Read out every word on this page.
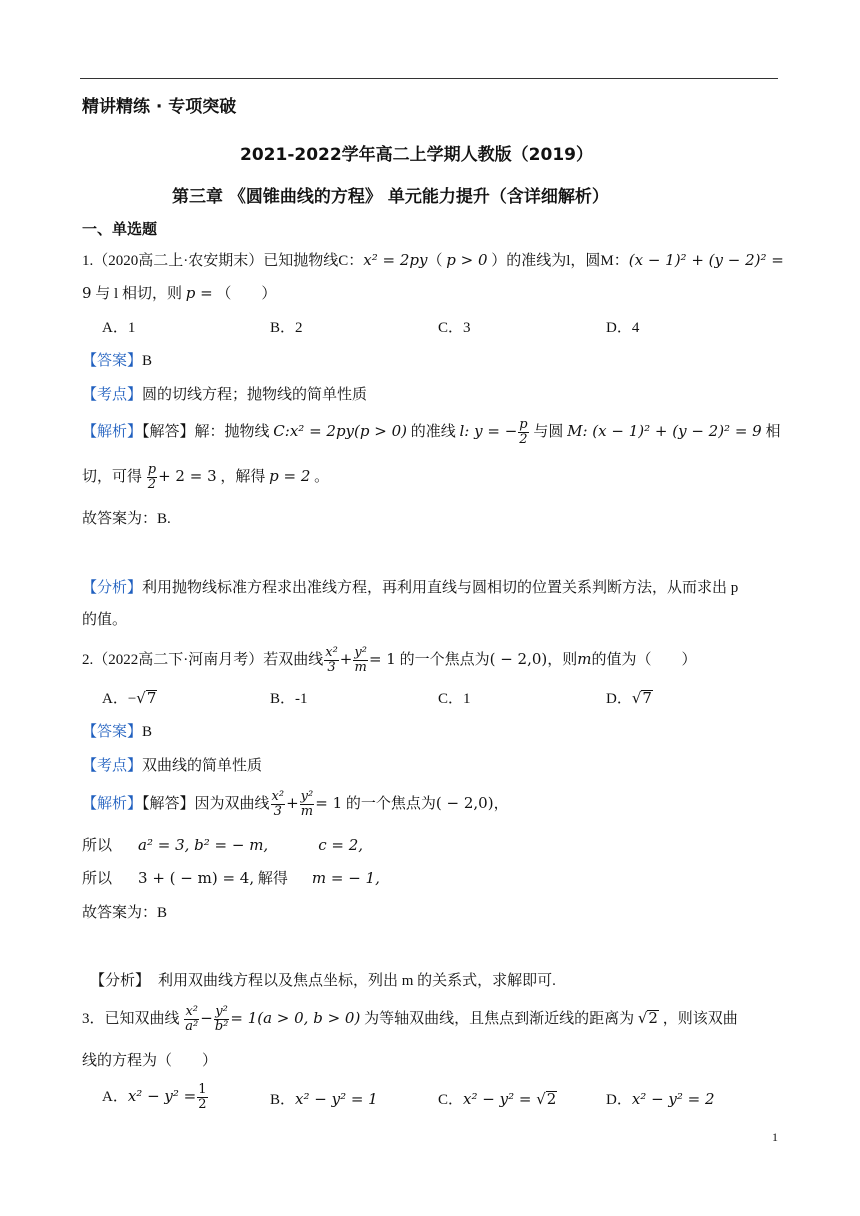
精讲精练 · 专项突破
2021-2022学年高二上学期人教版（2019）
第三章 《圆锥曲线的方程》 单元能力提升（含详细解析）
一、单选题
1.（2020高二上·农安期末）已知抛物线C：x² = 2py（ p > 0 ）的准线为l，圆M：(x − 1)² + (y − 2)² =
9 与 l 相切，则 p = （　　）
A．1	B．2	C．3	D．4
【答案】B
【考点】圆的切线方程；抛物线的简单性质
【解析】【解答】解：抛物线 C:x² = 2py(p > 0) 的准线 l: y = − $\frac{p}{2}$ 与圆 M: (x − 1)² + (y − 2)² = 9 相
切，可得 $\frac{p}{2} + 2 = 3$ ，解得 p = 2 。
故答案为：B.
【分析】利用抛物线标准方程求出准线方程，再利用直线与圆相切的位置关系判断方法，从而求出 p
的值。
2.（2022高二下·河南月考）若双曲线 $\frac{\text{x²}}{3} + \frac{\text{y²}}{m} = 1$ 的一个焦点为( − 2,0)，则m的值为（　　）
A．−√7	B．-1	C．1	D．√7
【答案】B
【考点】双曲线的简单性质
【解析】【解答】因为双曲线 $\frac{\text{x²}}{3} + \frac{\text{y²}}{m} = 1$ 的一个焦点为( − 2,0)，
所以 a² = 3, b² = − m,	c = 2,
所以 3 + ( − m) = 4, 解得 m = − 1,
故答案为：B
【分析】 利用双曲线方程以及焦点坐标，列出 m 的关系式，求解即可.
3．已知双曲线 $\frac{\text{x²}}{\text{a²}} - \frac{\text{y²}}{\text{b²}} = 1(a > 0$, b > 0) 为等轴双曲线，且焦点到渐近线的距离为 √2 ，则该双曲
线的方程为（　　）
A．$x^2 - y^2 = \frac{1}{2}$	B．x² − y² = 1	C．x² − y² = √2	D．x² − y² = 2
1
